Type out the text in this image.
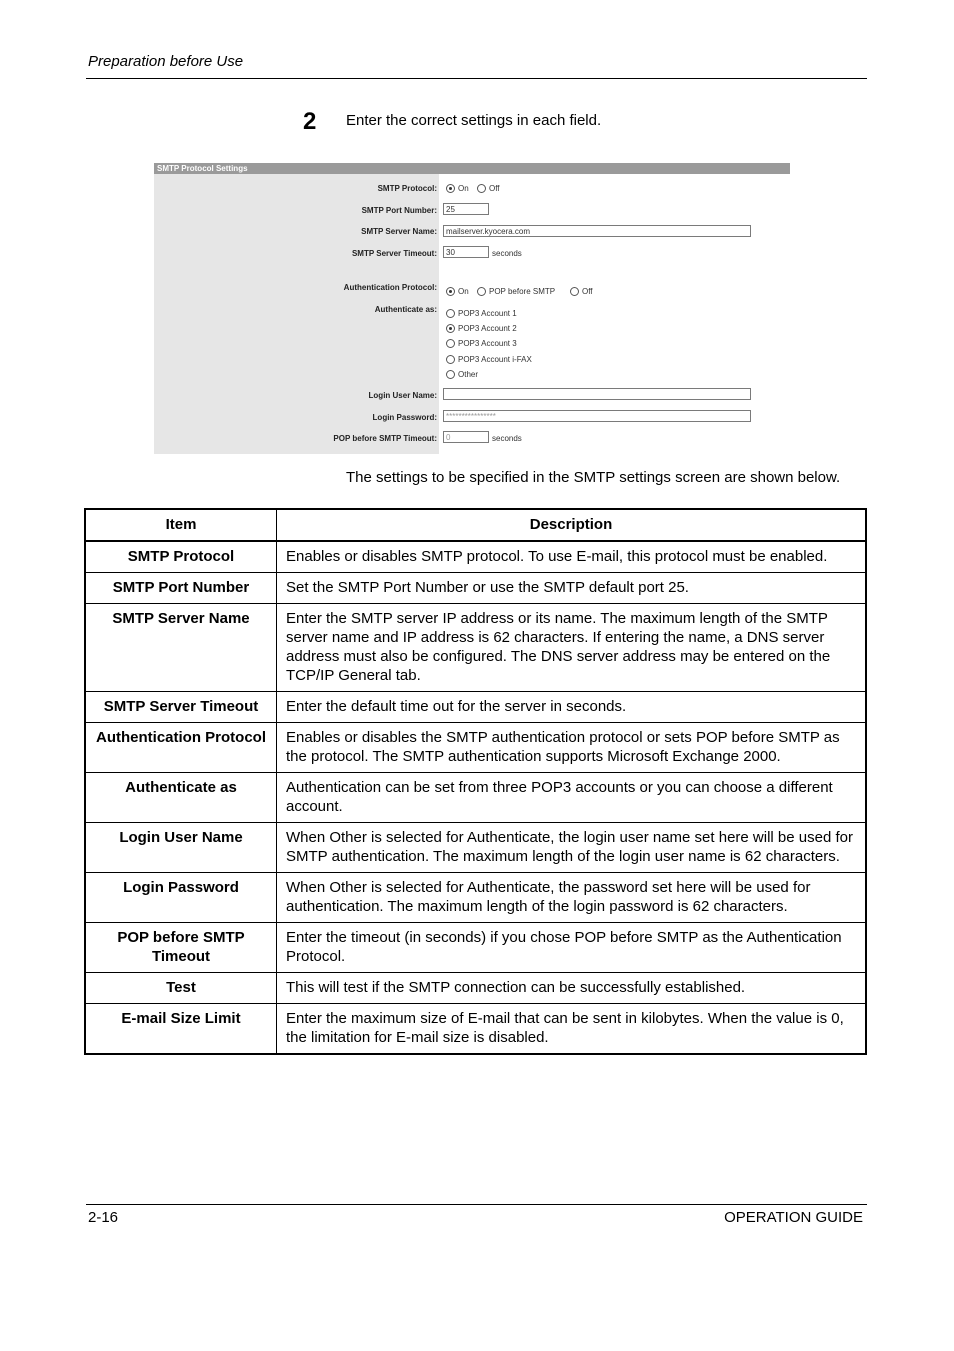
Preparation before Use
2 Enter the correct settings in each field.
SMTP Protocol Settings
SMTP Protocol:	On	Off
SMTP Port Number:	25
SMTP Server Name:	mailserver.kyocera.com
SMTP Server Timeout:	30	seconds
Authentication Protocol:	On	POP before SMTP	Off
Authenticate as:	POP3 Account 1
POP3 Account 2
POP3 Account 3
POP3 Account i-FAX
Other
Login User Name:
Login Password:	****************
POP before SMTP Timeout:	0	seconds
The settings to be specified in the SMTP settings screen are shown below.
Item	Description
SMTP Protocol	Enables or disables SMTP protocol. To use E-mail, this protocol must be enabled.
SMTP Port Number	Set the SMTP Port Number or use the SMTP default port 25.
SMTP Server Name	Enter the SMTP server IP address or its name. The maximum length of the SMTP server name and IP address is 62 characters. If entering the name, a DNS server address must also be configured. The DNS server address may be entered on the TCP/IP General tab.
SMTP Server Timeout	Enter the default time out for the server in seconds.
Authentication Protocol	Enables or disables the SMTP authentication protocol or sets POP before SMTP as the protocol. The SMTP authentication supports Microsoft Exchange 2000.
Authenticate as	Authentication can be set from three POP3 accounts or you can choose a different account.
Login User Name	When Other is selected for Authenticate, the login user name set here will be used for SMTP authentication. The maximum length of the login user name is 62 characters.
Login Password	When Other is selected for Authenticate, the password set here will be used for authentication. The maximum length of the login password is 62 characters.
POP before SMTP Timeout	Enter the timeout (in seconds) if you chose POP before SMTP as the Authentication Protocol.
Test	This will test if the SMTP connection can be successfully established.
E-mail Size Limit	Enter the maximum size of E-mail that can be sent in kilobytes. When the value is 0, the limitation for E-mail size is disabled.
2-16	OPERATION GUIDE
